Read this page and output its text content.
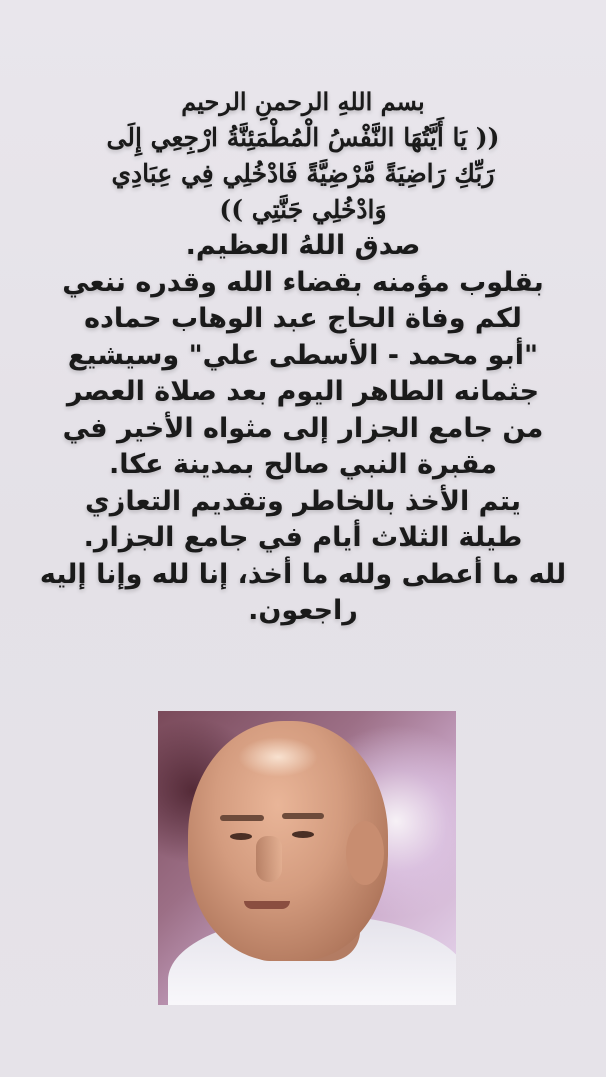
بسم اللهِ الرحمنِ الرحيم
(( يَا أَيَّتُهَا النَّفْسُ الْمُطْمَئِنَّةُ ارْجِعِي إِلَى
رَبِّكِ رَاضِيَةً مَّرْضِيَّةً فَادْخُلِي فِي عِبَادِي
وَادْخُلِي جَنَّتِي ))
صدق اللهُ العظيم.
بقلوب مؤمنه بقضاء الله وقدره ننعي
لكم وفاة الحاج عبد الوهاب حماده
"أبو محمد - الأسطى علي" وسيشيع
جثمانه الطاهر اليوم بعد صلاة العصر
من جامع الجزار إلى مثواه الأخير في
مقبرة النبي صالح بمدينة عكا.
يتم الأخذ بالخاطر وتقديم التعازي
طيلة الثلاث أيام في جامع الجزار.
لله ما أعطى ولله ما أخذ، إنا لله وإنا إليه
راجعون.
